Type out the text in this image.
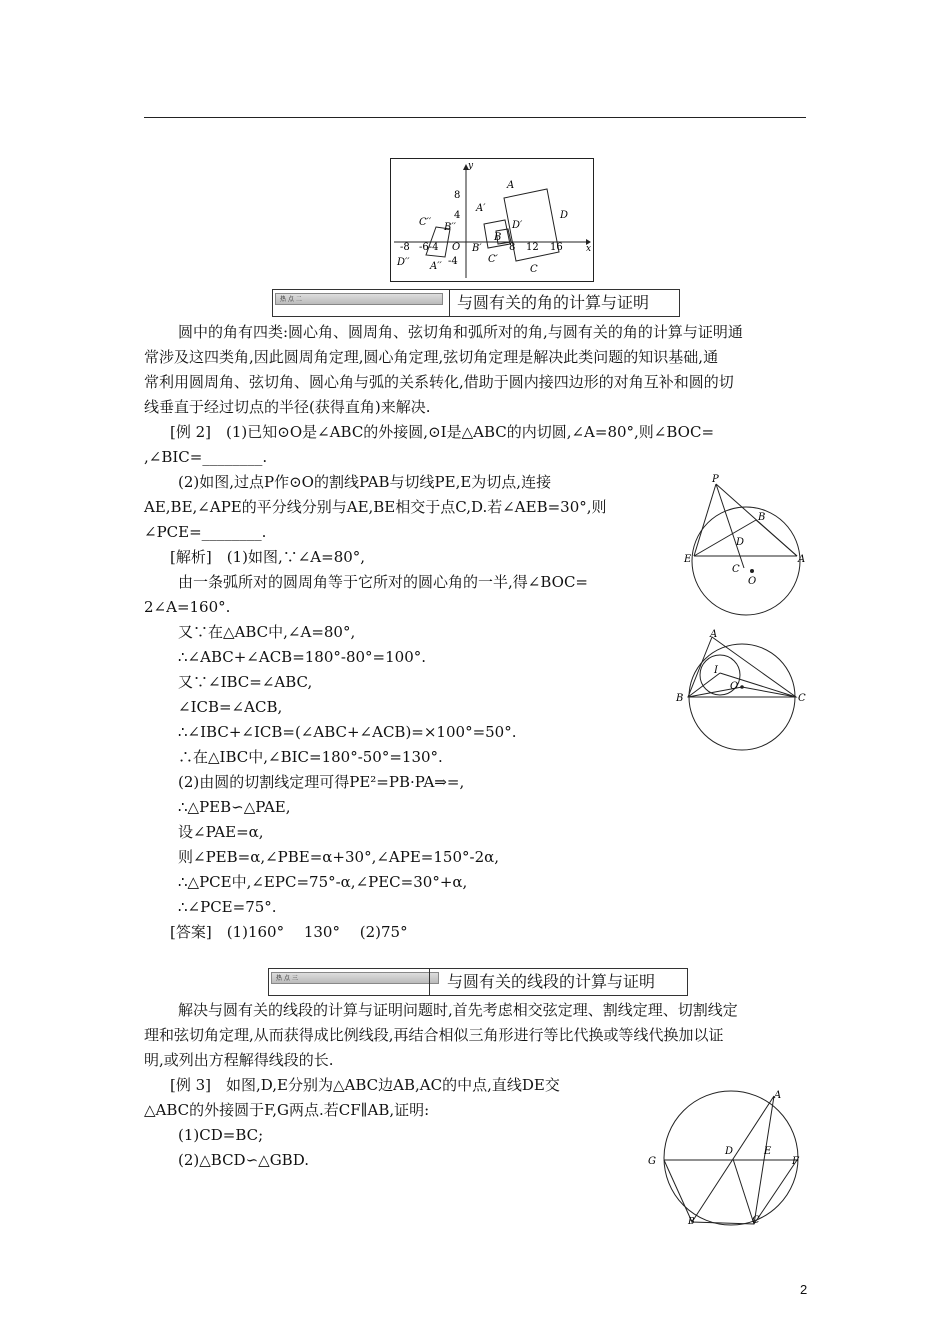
y
x
8
4
-4
O
-8 -6-4	8 12 16
A
A′
D′
D
B
B′
C′
C
C′′ B′′
D′′ A′′
热 点 二	与圆有关的角的计算与证明
圆中的角有四类:圆心角、圆周角、弦切角和弧所对的角,与圆有关的角的计算与证明通
常涉及这四类角,因此圆周角定理,圆心角定理,弦切角定理是解决此类问题的知识基础,通
常利用圆周角、弦切角、圆心角与弧的关系转化,借助于圆内接四边形的对角互补和圆的切
线垂直于经过切点的半径(获得直角)来解决.
[例 2]　(1)已知⊙O是∠ABC的外接圆,⊙I是△ABC的内切圆,∠A=80°,则∠BOC=
,∠BIC=________.
(2)如图,过点P作⊙O的割线PAB与切线PE,E为切点,连接
AE,BE,∠APE的平分线分别与AE,BE相交于点C,D.若∠AEB=30°,则
∠PCE=________.
[解析]　(1)如图,∵∠A=80°,
由一条弧所对的圆周角等于它所对的圆心角的一半,得∠BOC=
2∠A=160°.
又∵在△ABC中,∠A=80°,
∴∠ABC+∠ACB=180°-80°=100°.
又∵∠IBC=∠ABC,
∠ICB=∠ACB,
∴∠IBC+∠ICB=(∠ABC+∠ACB)=×100°=50°.
∴在△IBC中,∠BIC=180°-50°=130°.
(2)由圆的切割线定理可得PE²=PB·PA⇒=,
∴△PEB∽△PAE,
设∠PAE=α,
则∠PEB=α,∠PBE=α+30°,∠APE=150°-2α,
∴△PCE中,∠EPC=75°-α,∠PEC=30°+α,
∴∠PCE=75°.
[答案]　(1)160°　 130°　 (2)75°
P
B
D
E	A
C
O
A
I
O
B	C
热 点 三	与圆有关的线段的计算与证明
解决与圆有关的线段的计算与证明问题时,首先考虑相交弦定理、割线定理、切割线定
理和弦切角定理,从而获得成比例线段,再结合相似三角形进行等比代换或等线代换加以证
明,或列出方程解得线段的长.
[例 3]　如图,D,E分别为△ABC边AB,AC的中点,直线DE交
△ABC的外接圆于F,G两点.若CF∥AB,证明:
(1)CD=BC;
(2)△BCD∽△GBD.
A
D	E
G	F
B	C
2
